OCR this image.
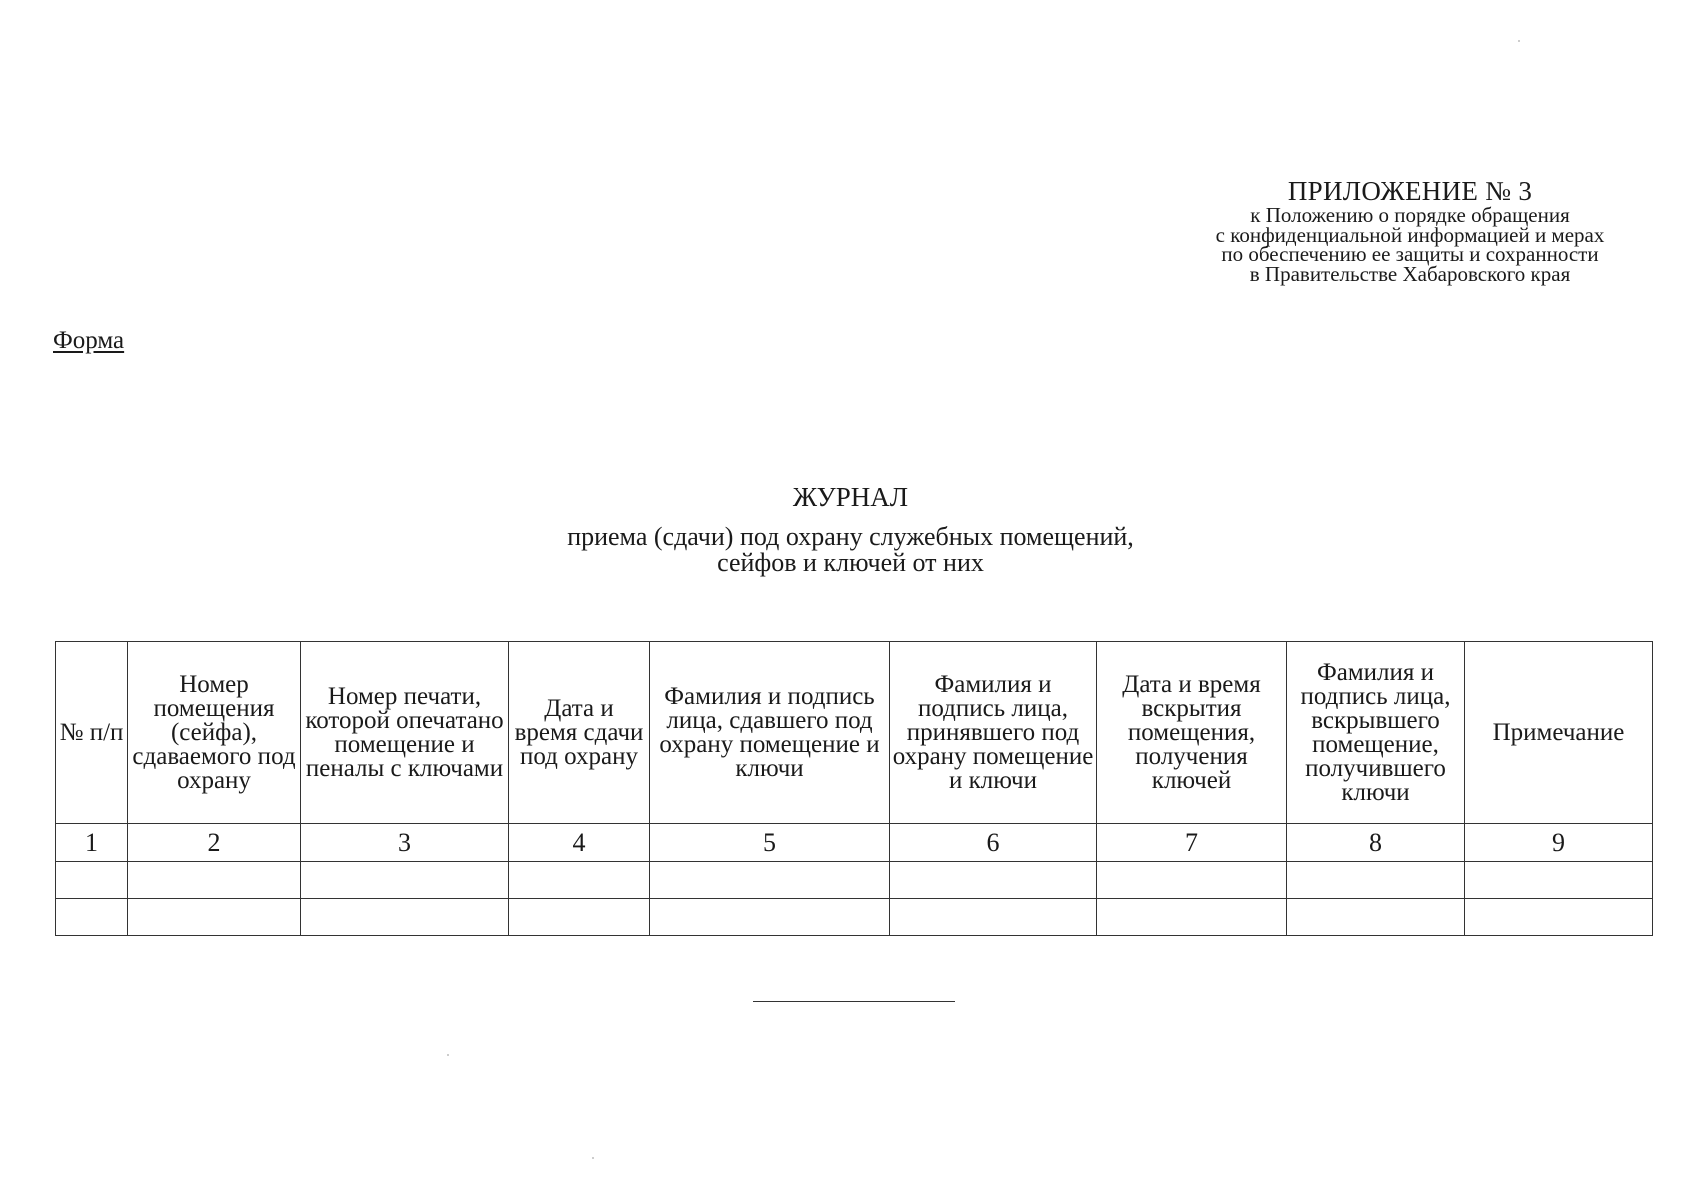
ПРИЛОЖЕНИЕ № 3
к Положению о порядке обращения
с конфиденциальной информацией и мерах
по обеспечению ее защиты и сохранности
в Правительстве Хабаровского края
Форма
ЖУРНАЛ
приема (сдачи) под охрану служебных помещений,
сейфов и ключей от них
№ п/п	Номер помещения (сейфа), сдаваемого под охрану	Номер печати, которой опечатано помещение и пеналы с ключами	Дата и время сдачи под охрану	Фамилия и подпись лица, сдавшего под охрану помещение и ключи	Фамилия и подпись лица, принявшего под охрану помещение и ключи	Дата и время вскрытия помещения, получения ключей	Фамилия и подпись лица, вскрывшего помещение, получившего ключи	Примечание
1	2	3	4	5	6	7	8	9
